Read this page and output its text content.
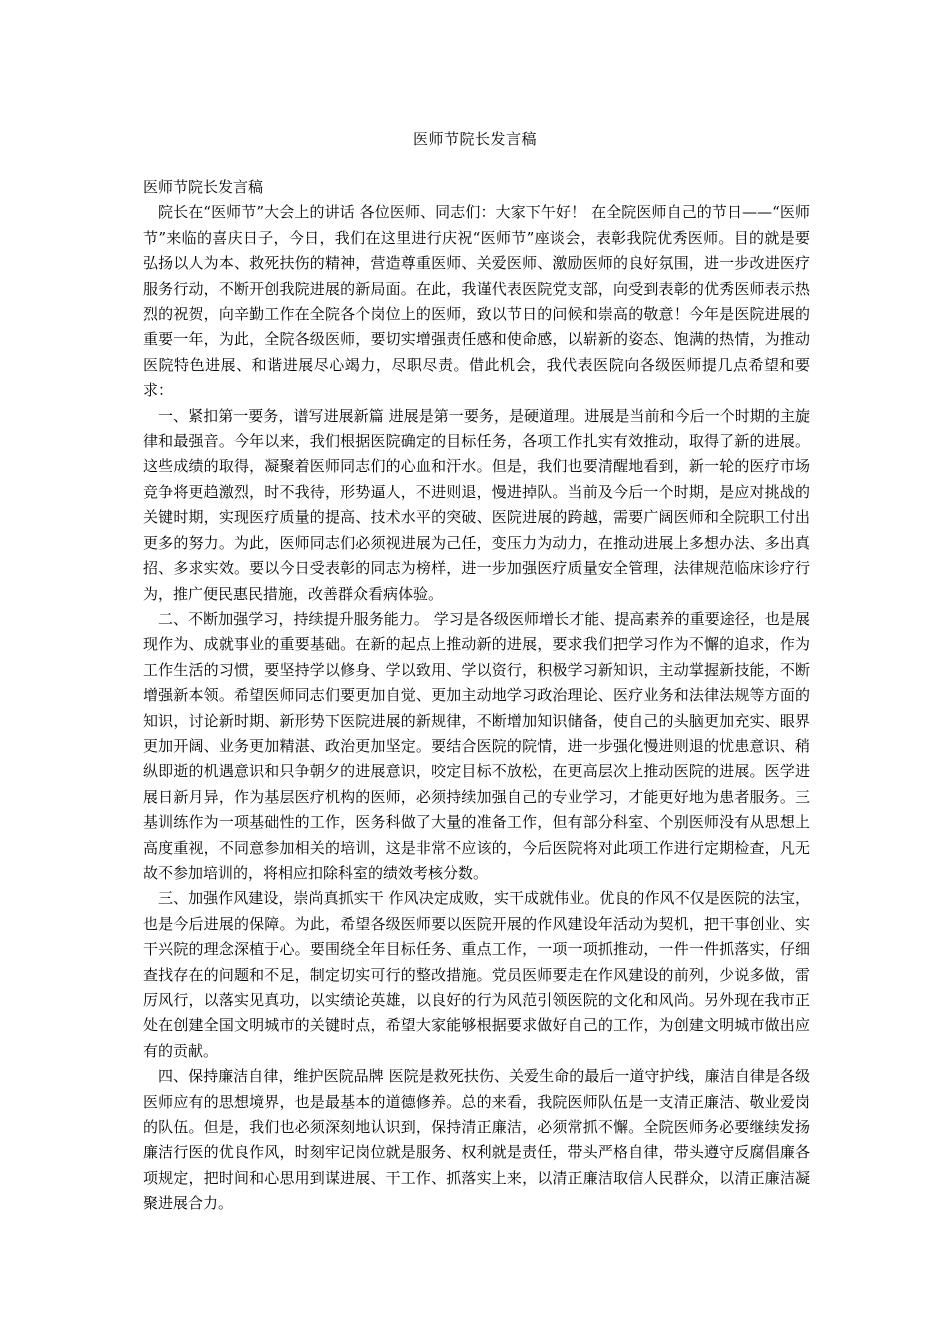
医师节院长发言稿

医师节院长发言稿

院长在“医师节”大会上的讲话 各位医师、同志们：大家下午好！ 在全院医师自己的节日——“医师节”来临的喜庆日子，今日，我们在这里进行庆祝“医师节”座谈会，表彰我院优秀医师。目的就是要弘扬以人为本、救死扶伤的精神，营造尊重医师、关爱医师、激励医师的良好氛围，进一步改进医疗服务行动，不断开创我院进展的新局面。在此，我谨代表医院党支部，向受到表彰的优秀医师表示热烈的祝贺，向辛勤工作在全院各个岗位上的医师，致以节日的问候和崇高的敬意！今年是医院进展的重要一年，为此，全院各级医师，要切实增强责任感和使命感，以崭新的姿态、饱满的热情，为推动医院特色进展、和谐进展尽心竭力，尽职尽责。借此机会，我代表医院向各级医师提几点希望和要求：

一、紧扣第一要务，谱写进展新篇 进展是第一要务，是硬道理。进展是当前和今后一个时期的主旋律和最强音。今年以来，我们根据医院确定的目标任务，各项工作扎实有效推动，取得了新的进展。这些成绩的取得，凝聚着医师同志们的心血和汗水。但是，我们也要清醒地看到，新一轮的医疗市场竞争将更趋激烈，时不我待，形势逼人，不进则退，慢进掉队。当前及今后一个时期，是应对挑战的关键时期，实现医疗质量的提高、技术水平的突破、医院进展的跨越，需要广阔医师和全院职工付出更多的努力。为此，医师同志们必须视进展为己任，变压力为动力，在推动进展上多想办法、多出真招、多求实效。要以今日受表彰的同志为榜样，进一步加强医疗质量安全管理，法律规范临床诊疗行为，推广便民惠民措施，改善群众看病体验。

二、不断加强学习，持续提升服务能力。 学习是各级医师增长才能、提高素养的重要途径，也是展现作为、成就事业的重要基础。在新的起点上推动新的进展，要求我们把学习作为不懈的追求，作为工作生活的习惯，要坚持学以修身、学以致用、学以资行，积极学习新知识，主动掌握新技能，不断增强新本领。希望医师同志们要更加自觉、更加主动地学习政治理论、医疗业务和法律法规等方面的知识，讨论新时期、新形势下医院进展的新规律，不断增加知识储备，使自己的头脑更加充实、眼界更加开阔、业务更加精湛、政治更加坚定。要结合医院的院情，进一步强化慢进则退的忧患意识、稍纵即逝的机遇意识和只争朝夕的进展意识，咬定目标不放松，在更高层次上推动医院的进展。医学进展日新月异，作为基层医疗机构的医师，必须持续加强自己的专业学习，才能更好地为患者服务。三基训练作为一项基础性的工作，医务科做了大量的准备工作，但有部分科室、个别医师没有从思想上高度重视，不同意参加相关的培训，这是非常不应该的，今后医院将对此项工作进行定期检查，凡无故不参加培训的，将相应扣除科室的绩效考核分数。

三、加强作风建设，崇尚真抓实干 作风决定成败，实干成就伟业。优良的作风不仅是医院的法宝，也是今后进展的保障。为此，希望各级医师要以医院开展的作风建设年活动为契机，把干事创业、实干兴院的理念深植于心。要围绕全年目标任务、重点工作，一项一项抓推动，一件一件抓落实，仔细查找存在的问题和不足，制定切实可行的整改措施。党员医师要走在作风建设的前列，少说多做，雷厉风行，以落实见真功，以实绩论英雄，以良好的行为风范引领医院的文化和风尚。另外现在我市正处在创建全国文明城市的关键时点，希望大家能够根据要求做好自己的工作，为创建文明城市做出应有的贡献。

四、保持廉洁自律，维护医院品牌 医院是救死扶伤、关爱生命的最后一道守护线，廉洁自律是各级医师应有的思想境界，也是最基本的道德修养。总的来看，我院医师队伍是一支清正廉洁、敬业爱岗的队伍。但是，我们也必须深刻地认识到，保持清正廉洁，必须常抓不懈。全院医师务必要继续发扬廉洁行医的优良作风，时刻牢记岗位就是服务、权利就是责任，带头严格自律，带头遵守反腐倡廉各项规定，把时间和心思用到谋进展、干工作、抓落实上来，以清正廉洁取信人民群众，以清正廉洁凝聚进展合力。
